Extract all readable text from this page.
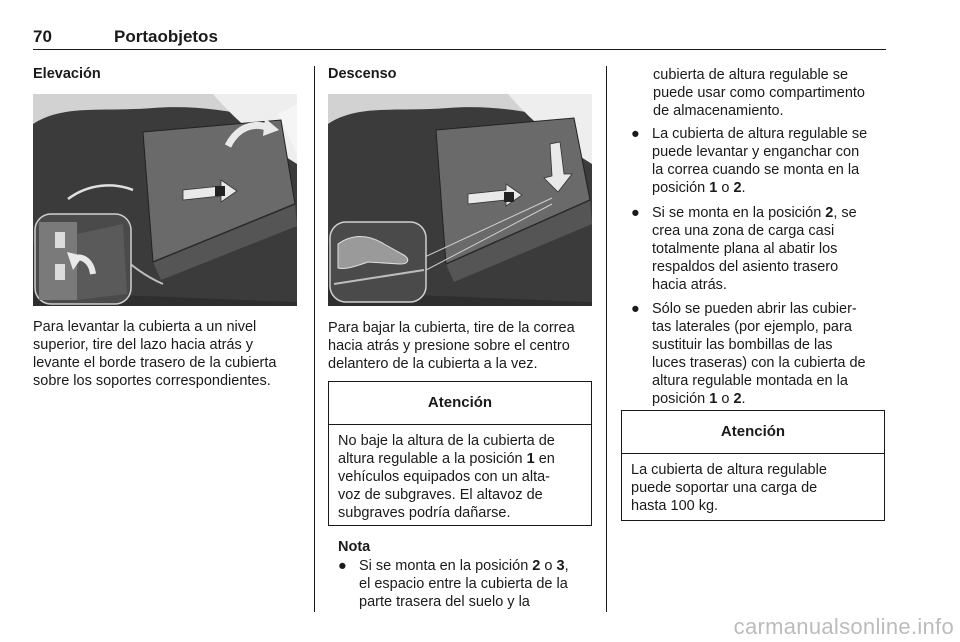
70	Portaobjetos
Elevación
Para levantar la cubierta a un nivel
superior, tire del lazo hacia atrás y
levante el borde trasero de la cubierta
sobre los soportes correspondientes.
Descenso
Para bajar la cubierta, tire de la correa
hacia atrás y presione sobre el centro
delantero de la cubierta a la vez.
Atención
No baje la altura de la cubierta de
altura regulable a la posición 1 en
vehículos equipados con un alta-
voz de subgraves. El altavoz de
subgraves podría dañarse.
Nota
● Si se monta en la posición 2 o 3,
el espacio entre la cubierta de la
parte trasera del suelo y la
cubierta de altura regulable se
puede usar como compartimento
de almacenamiento.
● La cubierta de altura regulable se
puede levantar y enganchar con
la correa cuando se monta en la
posición 1 o 2.
● Si se monta en la posición 2, se
crea una zona de carga casi
totalmente plana al abatir los
respaldos del asiento trasero
hacia atrás.
● Sólo se pueden abrir las cubier-
tas laterales (por ejemplo, para
sustituir las bombillas de las
luces traseras) con la cubierta de
altura regulable montada en la
posición 1 o 2.
Atención
La cubierta de altura regulable
puede soportar una carga de
hasta 100 kg.
carmanualsonline.info
